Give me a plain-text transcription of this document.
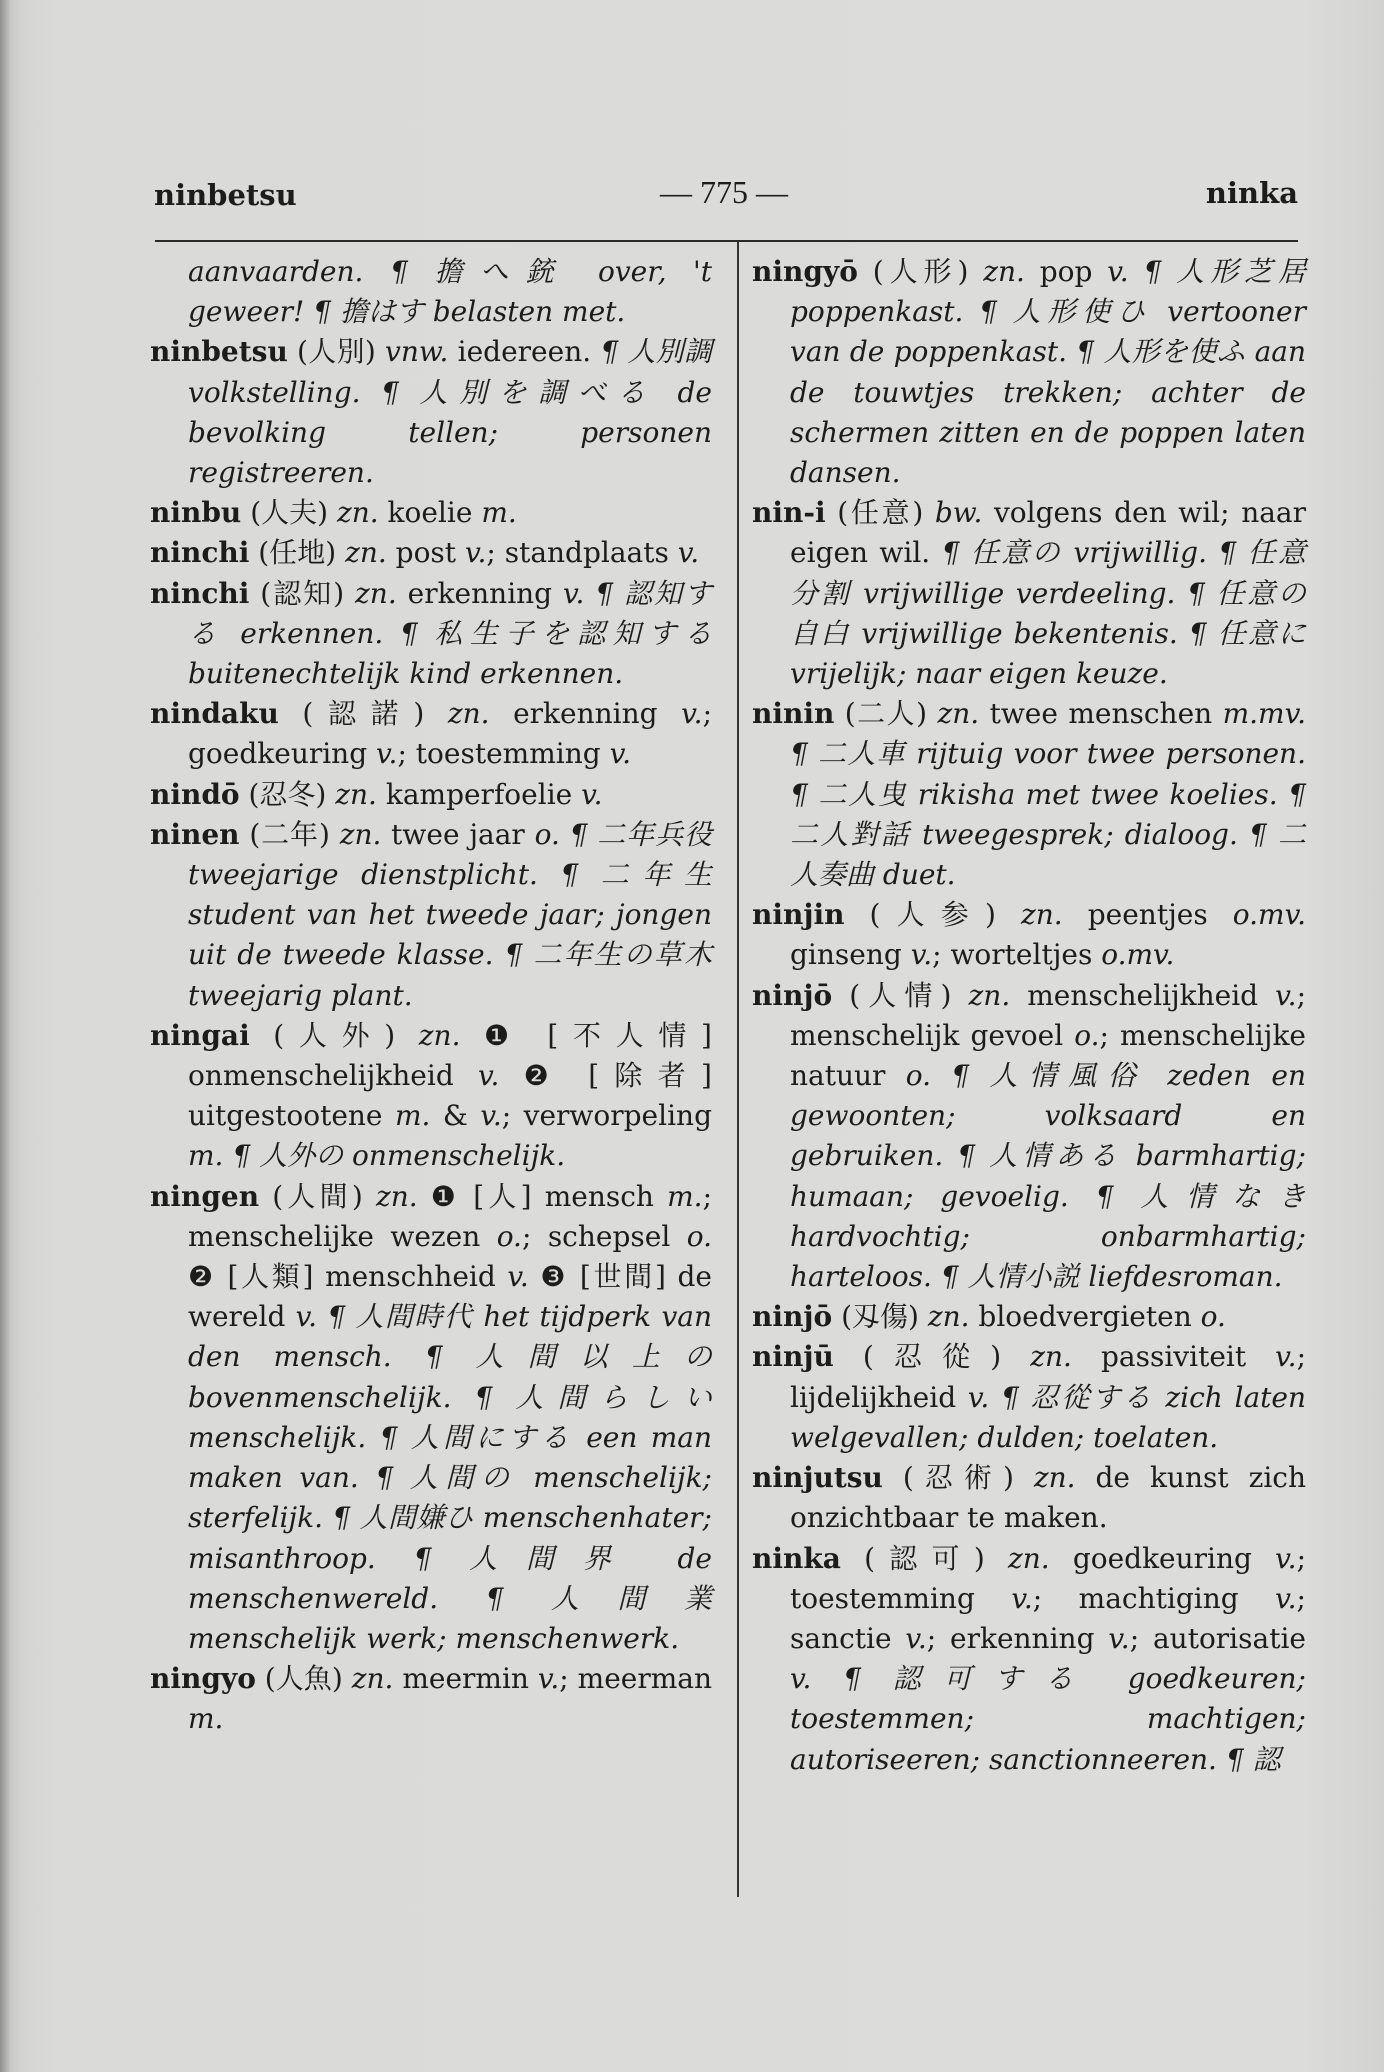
ninbetsu	— 775 —	ninka

aanvaarden. ¶ 擔へ銃 over, 't geweer! ¶ 擔はす belasten met.

ninbetsu (人別) vnw. iedereen. ¶ 人別調 volkstelling. ¶ 人別を調べる de bevolking tellen; personen registreeren.

ninbu (人夫) zn. koelie m.

ninchi (任地) zn. post v.; standplaats v.

ninchi (認知) zn. erkenning v. ¶ 認知する erkennen. ¶ 私生子を認知する buitenechtelijk kind erkennen.

nindaku (認諾) zn. erkenning v.; goedkeuring v.; toestemming v.

nindō (忍冬) zn. kamperfoelie v.

ninen (二年) zn. twee jaar o. ¶ 二年兵役 tweejarige dienstplicht. ¶ 二年生 student van het tweede jaar; jongen uit de tweede klasse. ¶ 二年生の草木 tweejarig plant.

ningai (人外) zn. ❶ [不人情] onmenschelijkheid v. ❷ [除者] uitgestootene m. & v.; verworpeling m. ¶ 人外の onmenschelijk.

ningen (人間) zn. ❶ [人] mensch m.; menschelijke wezen o.; schepsel o. ❷ [人類] menschheid v. ❸ [世間] de wereld v. ¶ 人間時代 het tijdperk van den mensch. ¶ 人間以上の bovenmenschelijk. ¶ 人間らしい menschelijk. ¶ 人間にする een man maken van. ¶ 人間の menschelijk; sterfelijk. ¶ 人間嫌ひ menschenhater; misanthroop. ¶ 人間界 de menschenwereld. ¶ 人間業 menschelijk werk; menschenwerk.

ningyo (人魚) zn. meermin v.; meerman m.

ningyō (人形) zn. pop v. ¶ 人形芝居 poppenkast. ¶ 人形使ひ vertooner van de poppenkast. ¶ 人形を使ふ aan de touwtjes trekken; achter de schermen zitten en de poppen laten dansen.

nin-i (任意) bw. volgens den wil; naar eigen wil. ¶ 任意の vrijwillig. ¶ 任意分割 vrijwillige verdeeling. ¶ 任意の自白 vrijwillige bekentenis. ¶ 任意に vrijelijk; naar eigen keuze.

ninin (二人) zn. twee menschen m.mv. ¶ 二人車 rijtuig voor twee personen. ¶ 二人曳 rikisha met twee koelies. ¶ 二人對話 tweegesprek; dialoog. ¶ 二人奏曲 duet.

ninjin (人参) zn. peentjes o.mv. ginseng v.; worteltjes o.mv.

ninjō (人情) zn. menschelijkheid v.; menschelijk gevoel o.; menschelijke natuur o. ¶ 人情風俗 zeden en gewoonten; volksaard en gebruiken. ¶ 人情ある barmhartig; humaan; gevoelig. ¶ 人情なき hardvochtig; onbarmhartig; harteloos. ¶ 人情小説 liefdesroman.

ninjō (刄傷) zn. bloedvergieten o.

ninjū (忍從) zn. passiviteit v.; lijdelijkheid v. ¶ 忍從する zich laten welgevallen; dulden; toelaten.

ninjutsu (忍術) zn. de kunst zich onzichtbaar te maken.

ninka (認可) zn. goedkeuring v.; toestemming v.; machtiging v.; sanctie v.; erkenning v.; autorisatie v. ¶ 認可する goedkeuren; toestemmen; machtigen; autoriseeren; sanctionneeren. ¶ 認
